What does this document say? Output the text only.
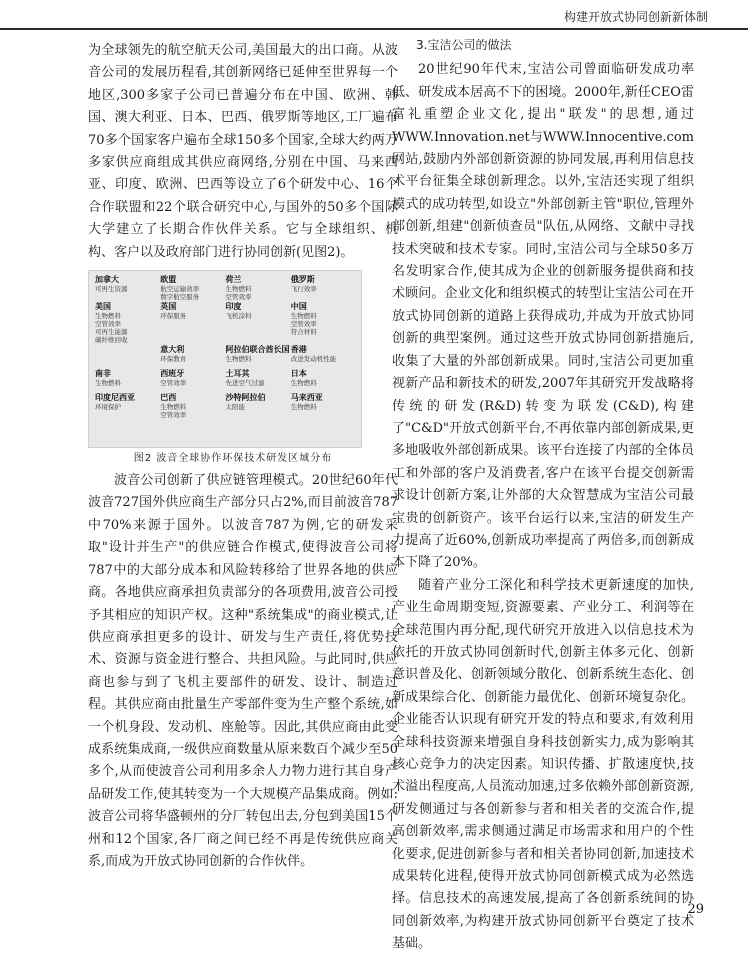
构建开放式协同创新新体制

为全球领先的航空航天公司,美国最大的出口商。从波音公司的发展历程看,其创新网络已延伸至世界每一个地区,300多家子公司已普遍分布在中国、欧洲、韩国、澳大利亚、日本、巴西、俄罗斯等地区,工厂遍布70多个国家客户遍布全球150多个国家,全球大约两万多家供应商组成其供应商网络,分别在中国、马来西亚、印度、欧洲、巴西等设立了6个研发中心、16个合作联盟和22个联合研究中心,与国外的50多个国际大学建立了长期合作伙伴关系。它与全球组织、机构、客户以及政府部门进行协同创新(见图2)。

加拿大
可再生资源
欧盟
航空运输效率
数字航空服务
荷兰
生物燃料
空管效率
俄罗斯
飞行效率
美国
生物燃料
空管效率
可再生能源
碳纤维回收
英国
环保服务
印度
飞机涂料
中国
生物燃料
空管效率
符合材料
意大利
环保教育
阿拉伯联合酋长国
生物燃料
香港
改进发动机性能
南非
生物燃料
西班牙
空管效率
土耳其
先进空气过滤
日本
生物燃料
印度尼西亚
环境保护
巴西
生物燃料
空管效率
沙特阿拉伯
太阳能
马来西亚
生物燃料
图2 波音全球协作环保技术研发区域分布

波音公司创新了供应链管理模式。20世纪60年代波音727国外供应商生产部分只占2%,而目前波音787中70%来源于国外。以波音787为例,它的研发采取"设计并生产"的供应链合作模式,使得波音公司将787中的大部分成本和风险转移给了世界各地的供应商。各地供应商承担负责部分的各项费用,波音公司授予其相应的知识产权。这种"系统集成"的商业模式,让供应商承担更多的设计、研发与生产责任,将优势技术、资源与资金进行整合、共担风险。与此同时,供应商也参与到了飞机主要部件的研发、设计、制造过程。其供应商由批量生产零部件变为生产整个系统,如一个机身段、发动机、座舱等。因此,其供应商由此变成系统集成商,一级供应商数量从原来数百个减少至50多个,从而使波音公司利用多余人力物力进行其自身产品研发工作,使其转变为一个大规模产品集成商。例如:波音公司将华盛顿州的分厂转包出去,分包到美国15个州和12个国家,各厂商之间已经不再是传统供应商关系,而成为开放式协同创新的合作伙伴。

3.宝洁公司的做法

20世纪90年代末,宝洁公司曾面临研发成功率低、研发成本居高不下的困境。2000年,新任CEO雷富礼重塑企业文化,提出"联发"的思想,通过WWW.Innovation.net与WWW.Innocentive.com网站,鼓励内外部创新资源的协同发展,再利用信息技术平台征集全球创新理念。以外,宝洁还实现了组织模式的成功转型,如设立"外部创新主管"职位,管理外部创新,组建"创新侦查员"队伍,从网络、文献中寻找技术突破和技术专家。同时,宝洁公司与全球50多万名发明家合作,使其成为企业的创新服务提供商和技术顾问。企业文化和组织模式的转型让宝洁公司在开放式协同创新的道路上获得成功,并成为开放式协同创新的典型案例。通过这些开放式协同创新措施后,收集了大量的外部创新成果。同时,宝洁公司更加重视新产品和新技术的研发,2007年其研究开发战略将传统的研发(R&D)转变为联发(C&D),构建了"C&D"开放式创新平台,不再依靠内部创新成果,更多地吸收外部创新成果。该平台连接了内部的全体员工和外部的客户及消费者,客户在该平台提交创新需求设计创新方案,让外部的大众智慧成为宝洁公司最宝贵的创新资产。该平台运行以来,宝洁的研发生产力提高了近60%,创新成功率提高了两倍多,而创新成本下降了20%。

随着产业分工深化和科学技术更新速度的加快,产业生命周期变短,资源要素、产业分工、利润等在全球范围内再分配,现代研究开放进入以信息技术为依托的开放式协同创新时代,创新主体多元化、创新意识普及化、创新领域分散化、创新系统生态化、创新成果综合化、创新能力最优化、创新环境复杂化。企业能否认识现有研究开发的特点和要求,有效利用全球科技资源来增强自身科技创新实力,成为影响其核心竞争力的决定因素。知识传播、扩散速度快,技术溢出程度高,人员流动加速,过多依赖外部创新资源,研发侧通过与各创新参与者和相关者的交流合作,提高创新效率,需求侧通过满足市场需求和用户的个性化要求,促进创新参与者和相关者协同创新,加速技术成果转化进程,使得开放式协同创新模式成为必然选择。信息技术的高速发展,提高了各创新系统间的协同创新效率,为构建开放式协同创新平台奠定了技术基础。

29
